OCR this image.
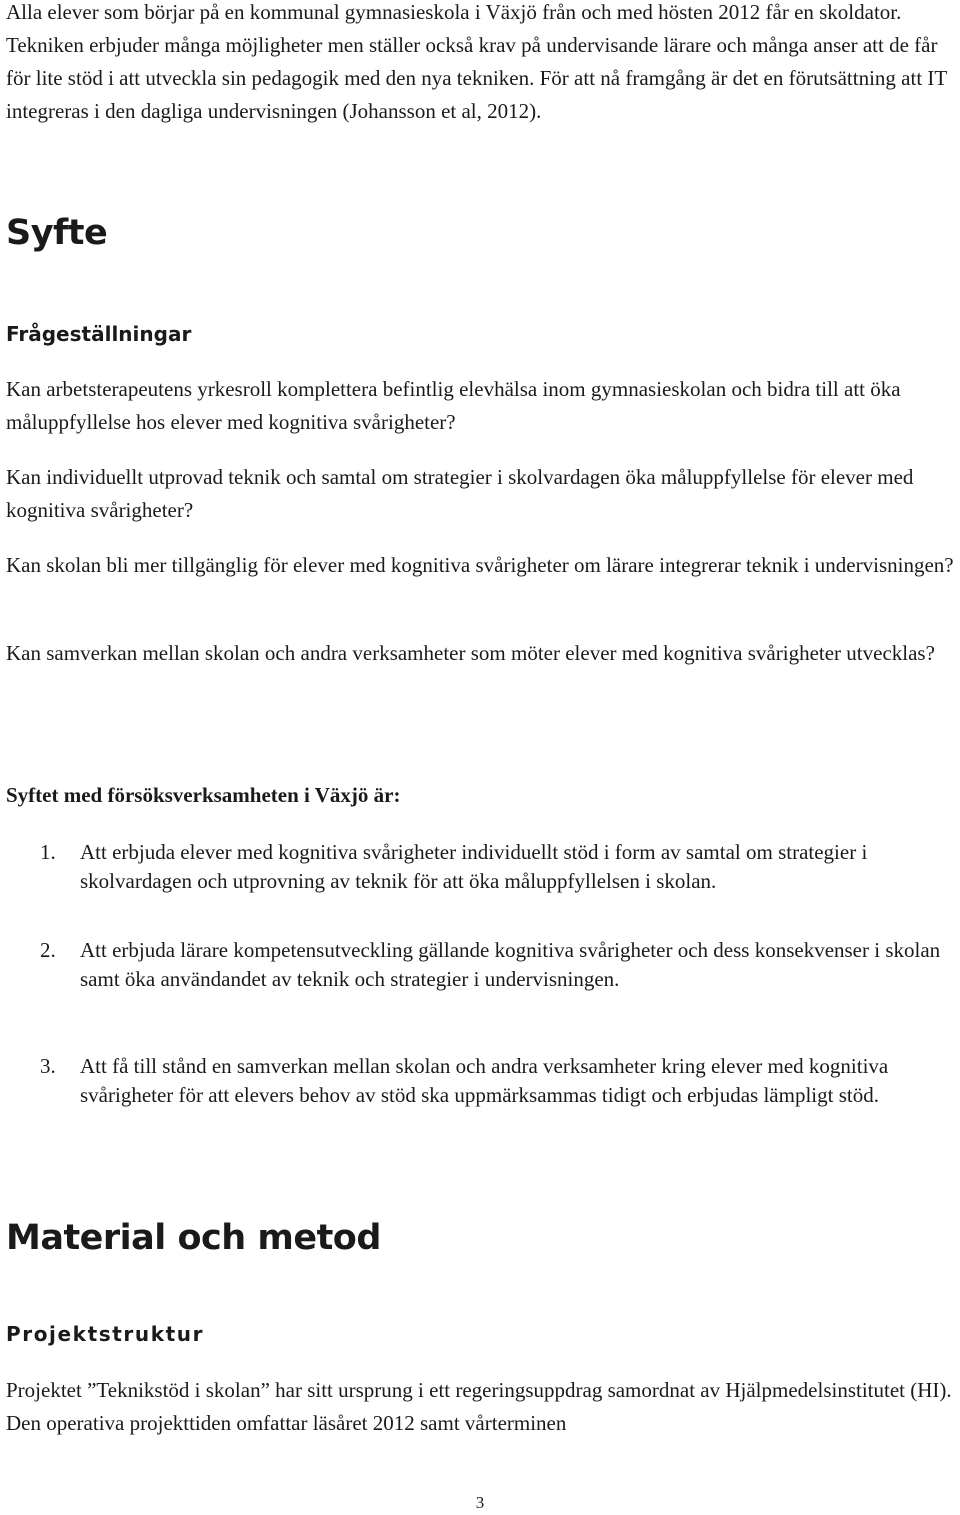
Alla elever som börjar på en kommunal gymnasieskola i Växjö från och med hösten 2012 får en skoldator. Tekniken erbjuder många möjligheter men ställer också krav på undervisande lärare och många anser att de får för lite stöd i att utveckla sin pedagogik med den nya tekniken. För att nå framgång är det en förutsättning att IT integreras i den dagliga undervisningen (Johansson et al, 2012).

Syfte
Frågeställningar

Kan arbetsterapeutens yrkesroll komplettera befintlig elevhälsa inom gymnasieskolan och bidra till att öka måluppfyllelse hos elever med kognitiva svårigheter?

Kan individuellt utprovad teknik och samtal om strategier i skolvardagen öka måluppfyllelse för elever med kognitiva svårigheter?

Kan skolan bli mer tillgänglig för elever med kognitiva svårigheter om lärare integrerar teknik i undervisningen?

Kan samverkan mellan skolan och andra verksamheter som möter elever med kognitiva svårigheter utvecklas?

Syftet med försöksverksamheten i Växjö är:
1.	Att erbjuda elever med kognitiva svårigheter individuellt stöd i form av samtal om strategier i skolvardagen och utprovning av teknik för att öka måluppfyllelsen i skolan.
2.	Att erbjuda lärare kompetensutveckling gällande kognitiva svårigheter och dess konsekvenser i skolan samt öka användandet av teknik och strategier i undervisningen.
3.	Att få till stånd en samverkan mellan skolan och andra verksamheter kring elever med kognitiva svårigheter för att elevers behov av stöd ska uppmärksammas tidigt och erbjudas lämpligt stöd.
Material och metod
Projektstruktur

Projektet ”Teknikstöd i skolan” har sitt ursprung i ett regeringsuppdrag samordnat av Hjälpmedelsinstitutet (HI). Den operativa projekttiden omfattar läsåret 2012 samt vårterminen

3
